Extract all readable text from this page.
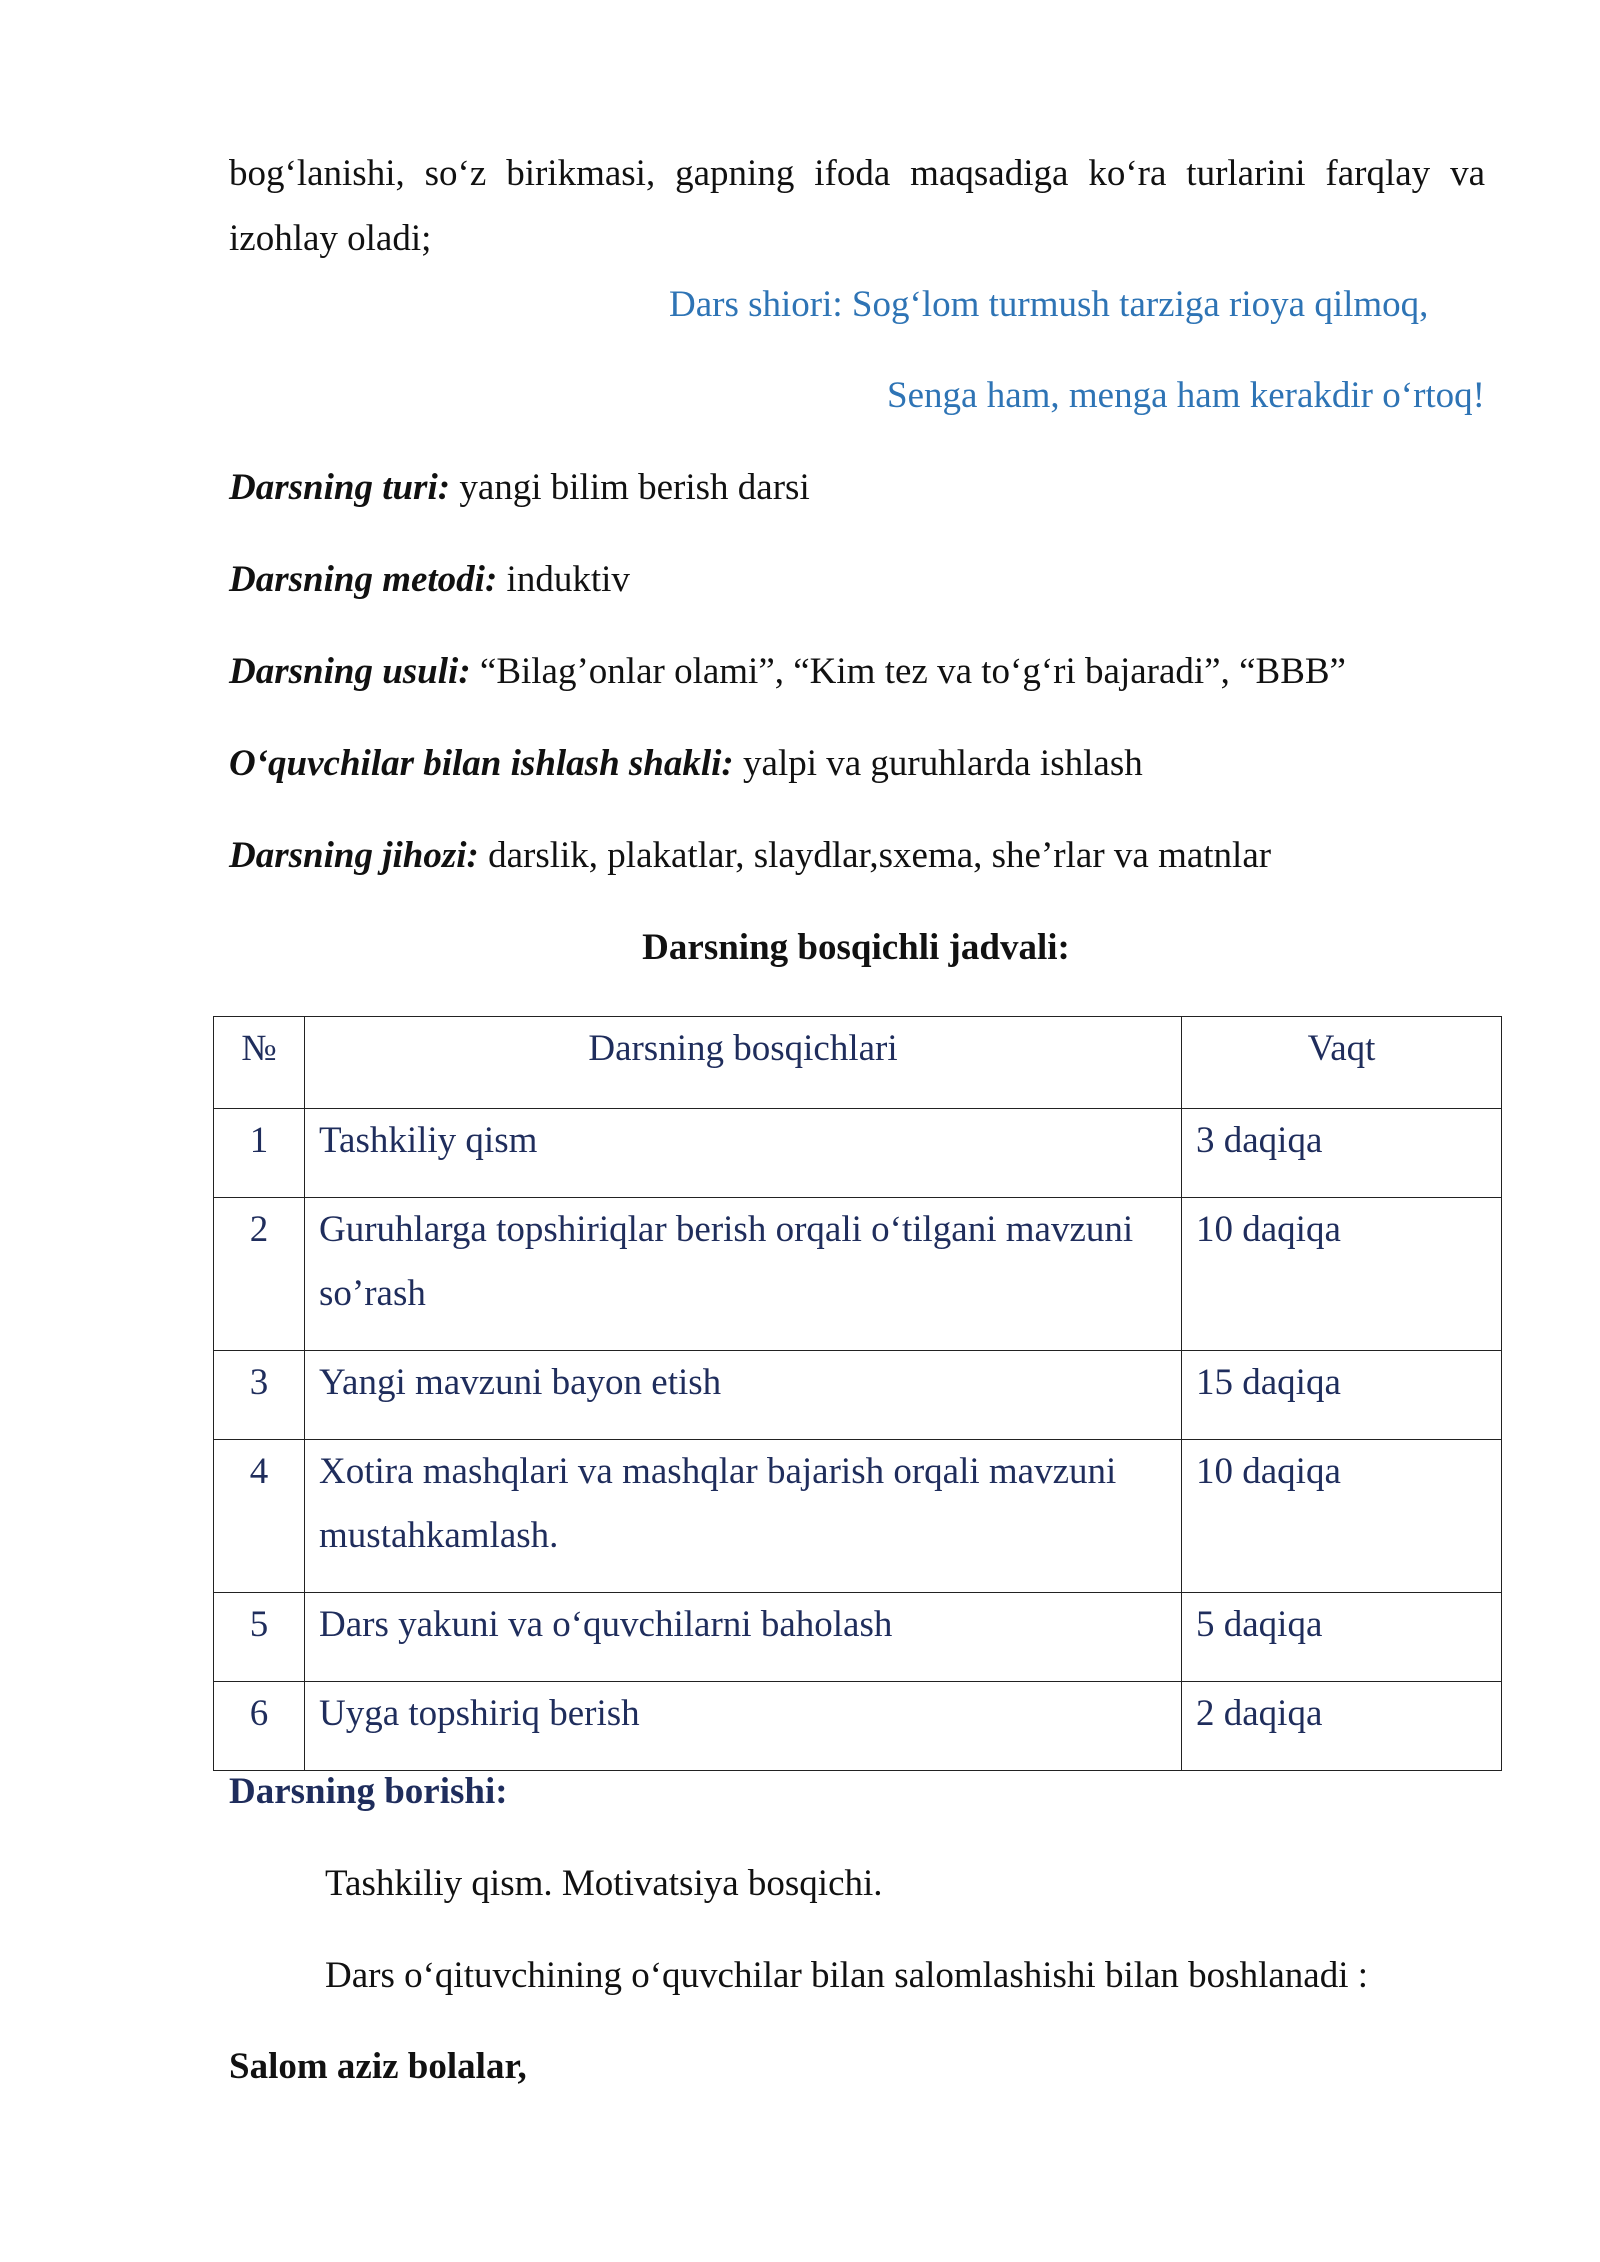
bog‘lanishi, so‘z birikmasi, gapning ifoda maqsadiga ko‘ra turlarini farqlay va
izohlay oladi;
Dars shiori: Sog‘lom turmush tarziga rioya qilmoq,
Senga ham, menga ham kerakdir o‘rtoq!
Darsning turi: yangi bilim berish darsi
Darsning metodi: induktiv
Darsning usuli: “Bilag’onlar olami”, “Kim tez va to‘g‘ri bajaradi”, “BBB”
O‘quvchilar bilan ishlash shakli: yalpi va guruhlarda ishlash
Darsning jihozi: darslik, plakatlar, slaydlar,sxema, she’rlar va matnlar
Darsning bosqichli jadvali:
№	Darsning bosqichlari	Vaqt
1	Tashkiliy qism	3 daqiqa
2	Guruhlarga topshiriqlar berish orqali o‘tilgani mavzuni so’rash	10 daqiqa
3	Yangi mavzuni bayon etish	15 daqiqa
4	Xotira mashqlari va mashqlar bajarish orqali mavzuni mustahkamlash.	10 daqiqa
5	Dars yakuni va o‘quvchilarni baholash	5 daqiqa
6	Uyga topshiriq berish	2 daqiqa
Darsning borishi:
Tashkiliy qism. Motivatsiya bosqichi.
Dars o‘qituvchining o‘quvchilar bilan salomlashishi bilan boshlanadi :
Salom aziz bolalar,
